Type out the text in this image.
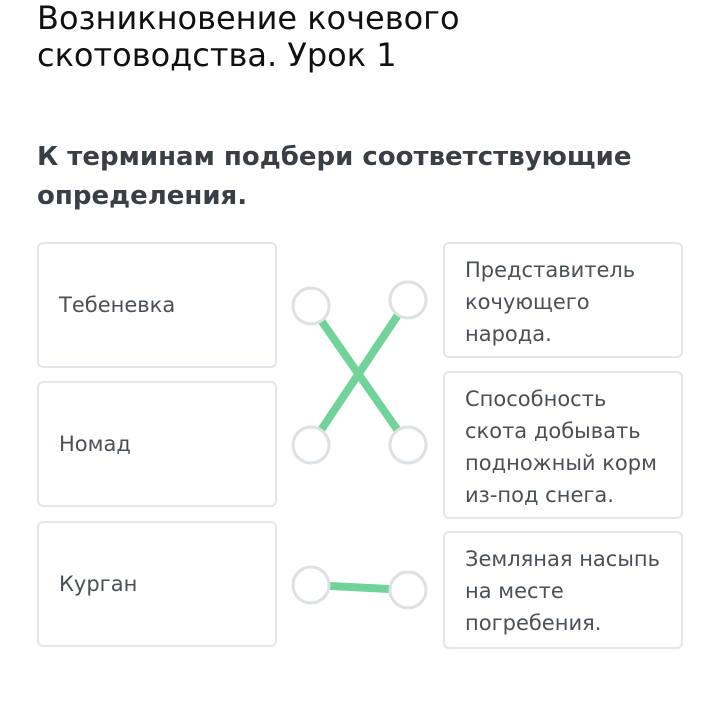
Возникновение кочевого скотоводства. Урок 1
К терминам подбери соответствующие определения.
Тебеневка
Номад
Курган
Представитель кочующего народа.
Способность скота добывать подножный корм из-под снега.
Земляная насыпь на месте погребения.
